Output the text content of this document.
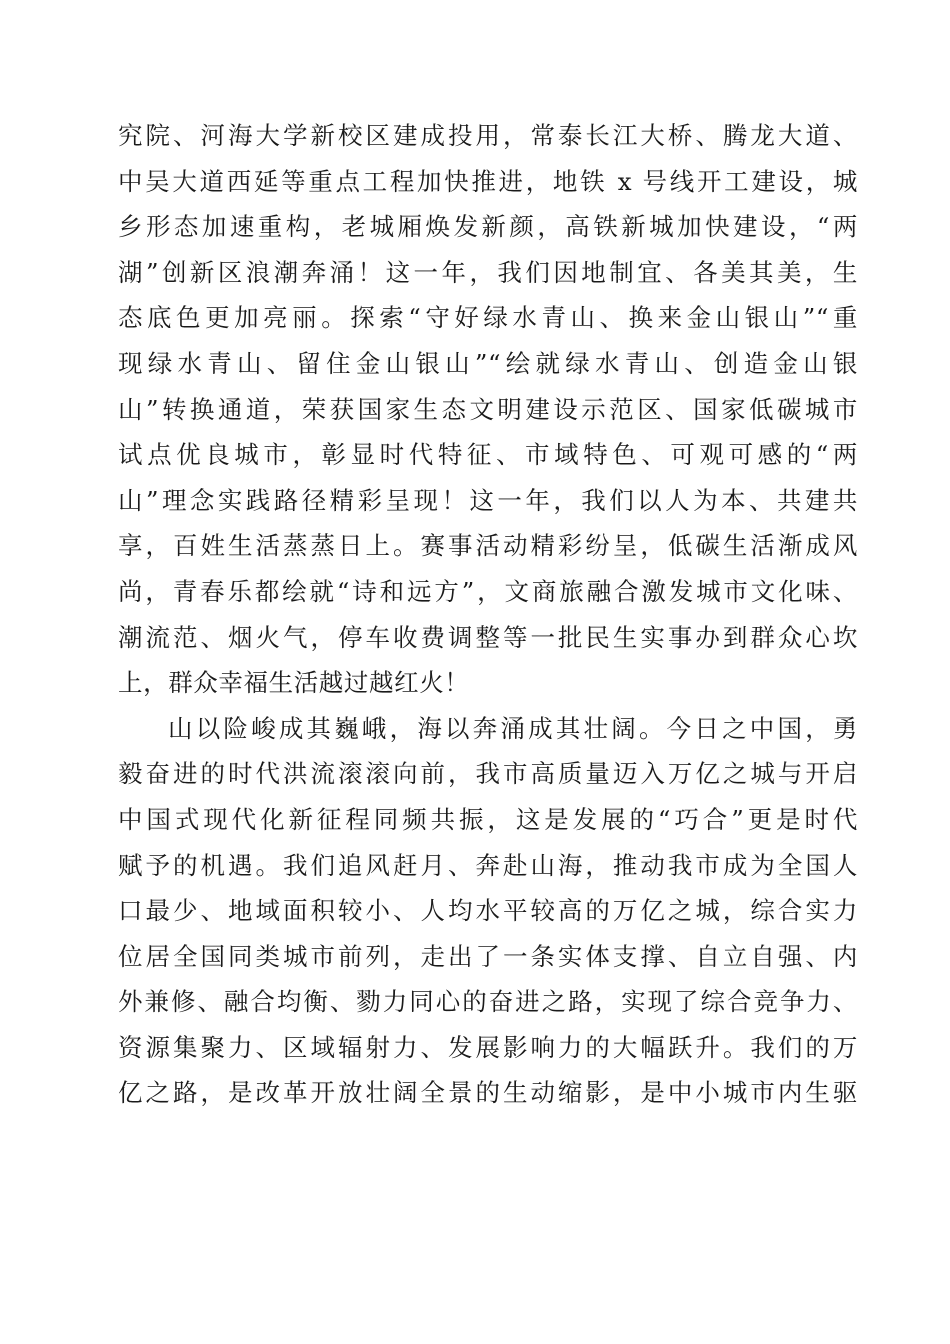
究院、河海大学新校区建成投用，常泰长江大桥、腾龙大道、
中吴大道西延等重点工程加快推进，地铁 x 号线开工建设，城
乡形态加速重构，老城厢焕发新颜，高铁新城加快建设，“两
湖”创新区浪潮奔涌！这一年，我们因地制宜、各美其美，生
态底色更加亮丽。探索“守好绿水青山、换来金山银山”“重
现绿水青山、留住金山银山”“绘就绿水青山、创造金山银
山”转换通道，荣获国家生态文明建设示范区、国家低碳城市
试点优良城市，彰显时代特征、市域特色、可观可感的“两
山”理念实践路径精彩呈现！这一年，我们以人为本、共建共
享，百姓生活蒸蒸日上。赛事活动精彩纷呈，低碳生活渐成风
尚，青春乐都绘就“诗和远方”，文商旅融合激发城市文化味、
潮流范、烟火气，停车收费调整等一批民生实事办到群众心坎
上，群众幸福生活越过越红火！
山以险峻成其巍峨，海以奔涌成其壮阔。今日之中国，勇
毅奋进的时代洪流滚滚向前，我市高质量迈入万亿之城与开启
中国式现代化新征程同频共振，这是发展的“巧合”更是时代
赋予的机遇。我们追风赶月、奔赴山海，推动我市成为全国人
口最少、地域面积较小、人均水平较高的万亿之城，综合实力
位居全国同类城市前列，走出了一条实体支撑、自立自强、内
外兼修、融合均衡、勠力同心的奋进之路，实现了综合竞争力、
资源集聚力、区域辐射力、发展影响力的大幅跃升。我们的万
亿之路，是改革开放壮阔全景的生动缩影，是中小城市内生驱
